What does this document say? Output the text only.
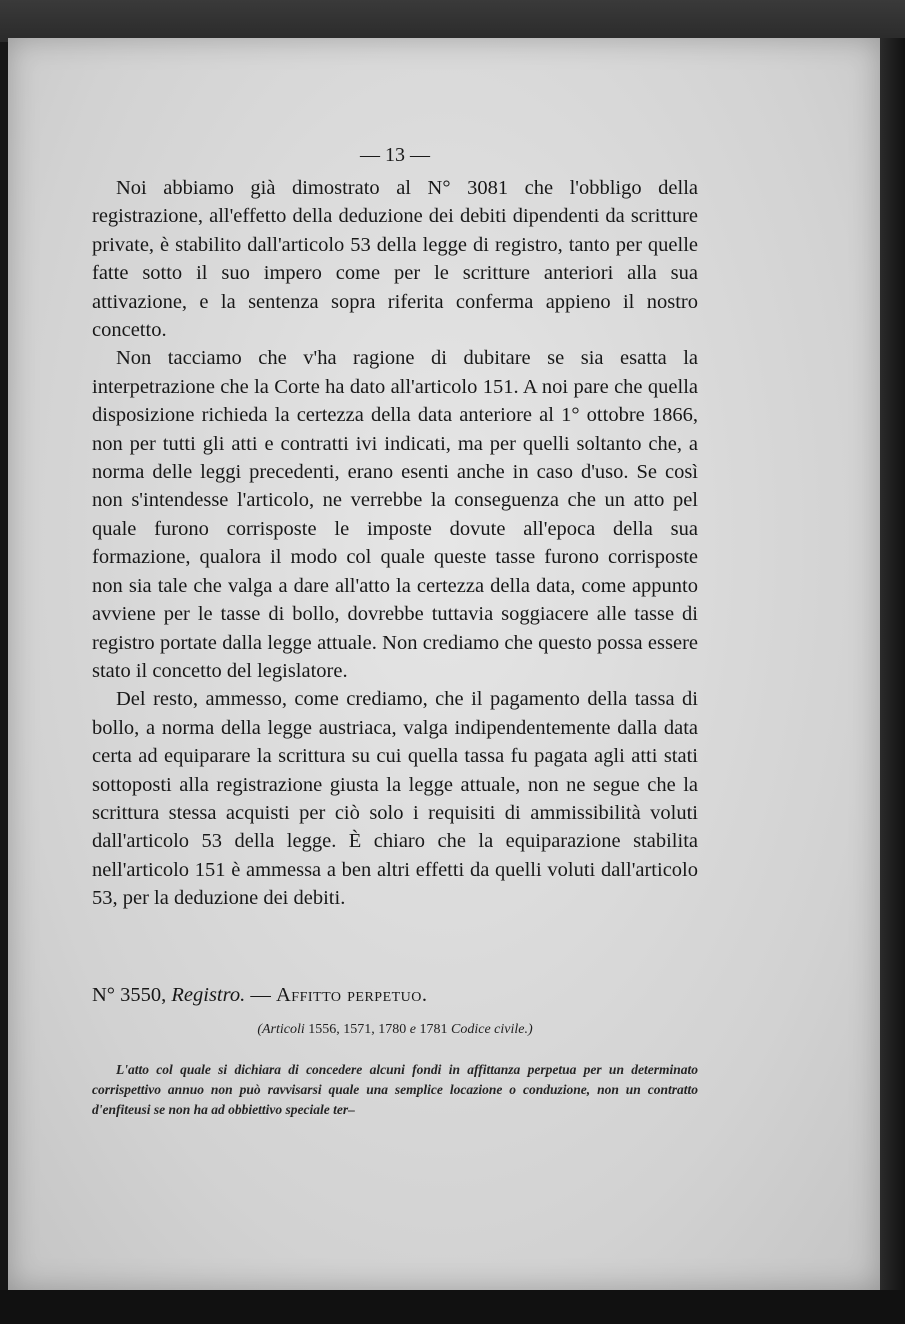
— 13 —

Noi abbiamo già dimostrato al N° 3081 che l'obbligo della registrazione, all'effetto della deduzione dei debiti dipendenti da scritture private, è stabilito dall'articolo 53 della legge di registro, tanto per quelle fatte sotto il suo impero come per le scritture anteriori alla sua attivazione, e la sentenza sopra riferita conferma appieno il nostro concetto.

Non tacciamo che v'ha ragione di dubitare se sia esatta la interpetrazione che la Corte ha dato all'articolo 151. A noi pare che quella disposizione richieda la certezza della data anteriore al 1° ottobre 1866, non per tutti gli atti e contratti ivi indicati, ma per quelli soltanto che, a norma delle leggi precedenti, erano esenti anche in caso d'uso. Se così non s'intendesse l'articolo, ne verrebbe la conseguenza che un atto pel quale furono corrisposte le imposte dovute all'epoca della sua formazione, qualora il modo col quale queste tasse furono corrisposte non sia tale che valga a dare all'atto la certezza della data, come appunto avviene per le tasse di bollo, dovrebbe tuttavia soggiacere alle tasse di registro portate dalla legge attuale. Non crediamo che questo possa essere stato il concetto del legislatore.

Del resto, ammesso, come crediamo, che il pagamento della tassa di bollo, a norma della legge austriaca, valga indipendentemente dalla data certa ad equiparare la scrittura su cui quella tassa fu pagata agli atti stati sottoposti alla registrazione giusta la legge attuale, non ne segue che la scrittura stessa acquisti per ciò solo i requisiti di ammissibilità voluti dall'articolo 53 della legge. È chiaro che la equiparazione stabilita nell'articolo 151 è ammessa a ben altri effetti da quelli voluti dall'articolo 53, per la deduzione dei debiti.

N° 3550, Registro. — Affitto perpetuo.
(Articoli 1556, 1571, 1780 e 1781 Codice civile.)
L'atto col quale si dichiara di concedere alcuni fondi in affittanza perpetua per un determinato corrispettivo annuo non può ravvisarsi quale una semplice locazione o conduzione, non un contratto d'enfiteusi se non ha ad obbiettivo speciale ter–
